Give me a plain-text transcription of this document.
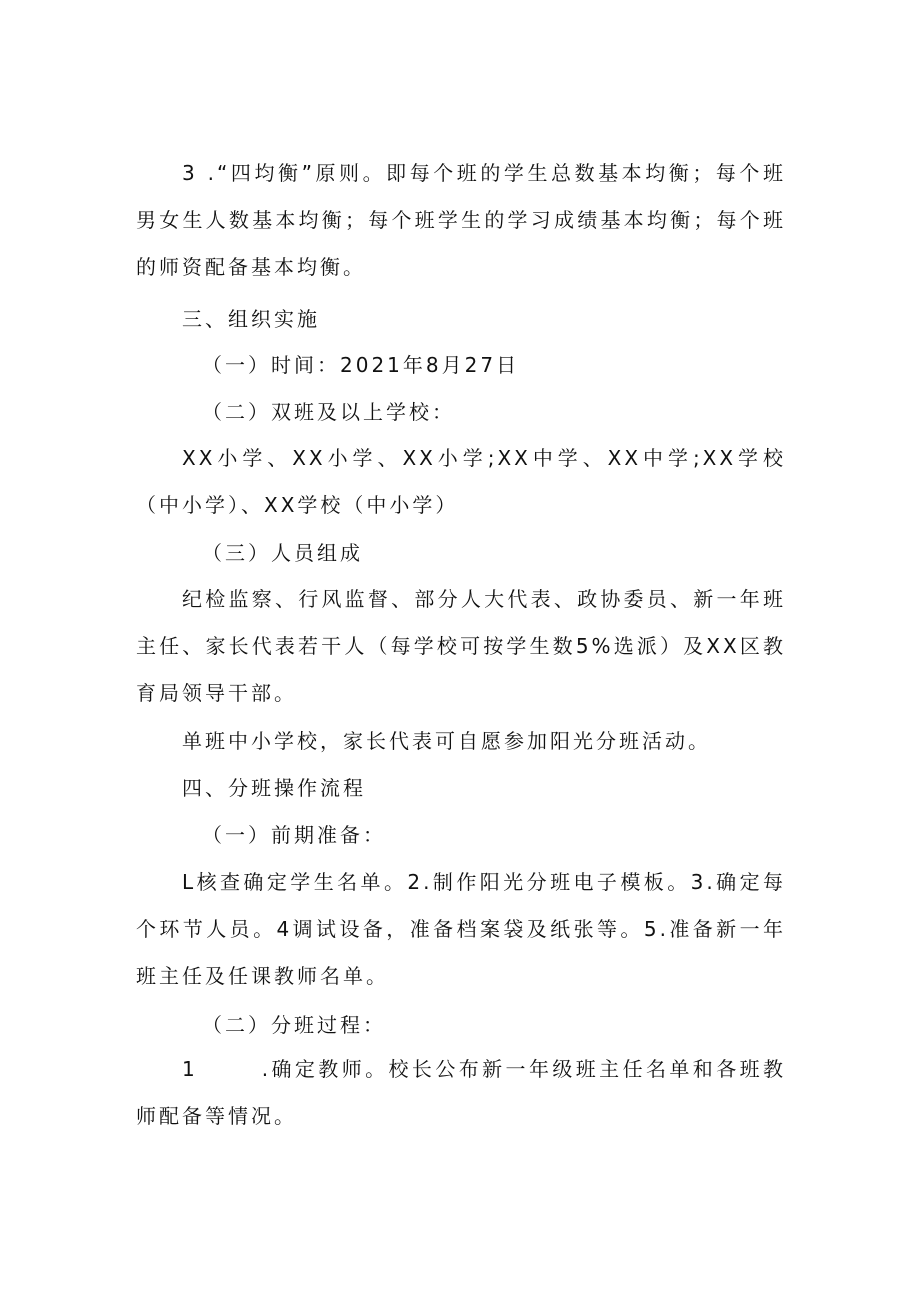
3 .“四均衡”原则。即每个班的学生总数基本均衡；每个班男女生人数基本均衡；每个班学生的学习成绩基本均衡；每个班的师资配备基本均衡。

三、组织实施

（一）时间：2021年8月27日

（二）双班及以上学校：

XX小学、XX小学、XX小学;XX中学、XX中学;XX学校（中小学）、XX学校（中小学）

（三）人员组成

纪检监察、行风监督、部分人大代表、政协委员、新一年班主任、家长代表若干人（每学校可按学生数5%选派）及XX区教育局领导干部。

单班中小学校，家长代表可自愿参加阳光分班活动。

四、分班操作流程

（一）前期准备：

L核查确定学生名单。2.制作阳光分班电子模板。3.确定每个环节人员。4调试设备，准备档案袋及纸张等。5.准备新一年班主任及任课教师名单。

（二）分班过程：

1	.确定教师。校长公布新一年级班主任名单和各班教师配备等情况。
